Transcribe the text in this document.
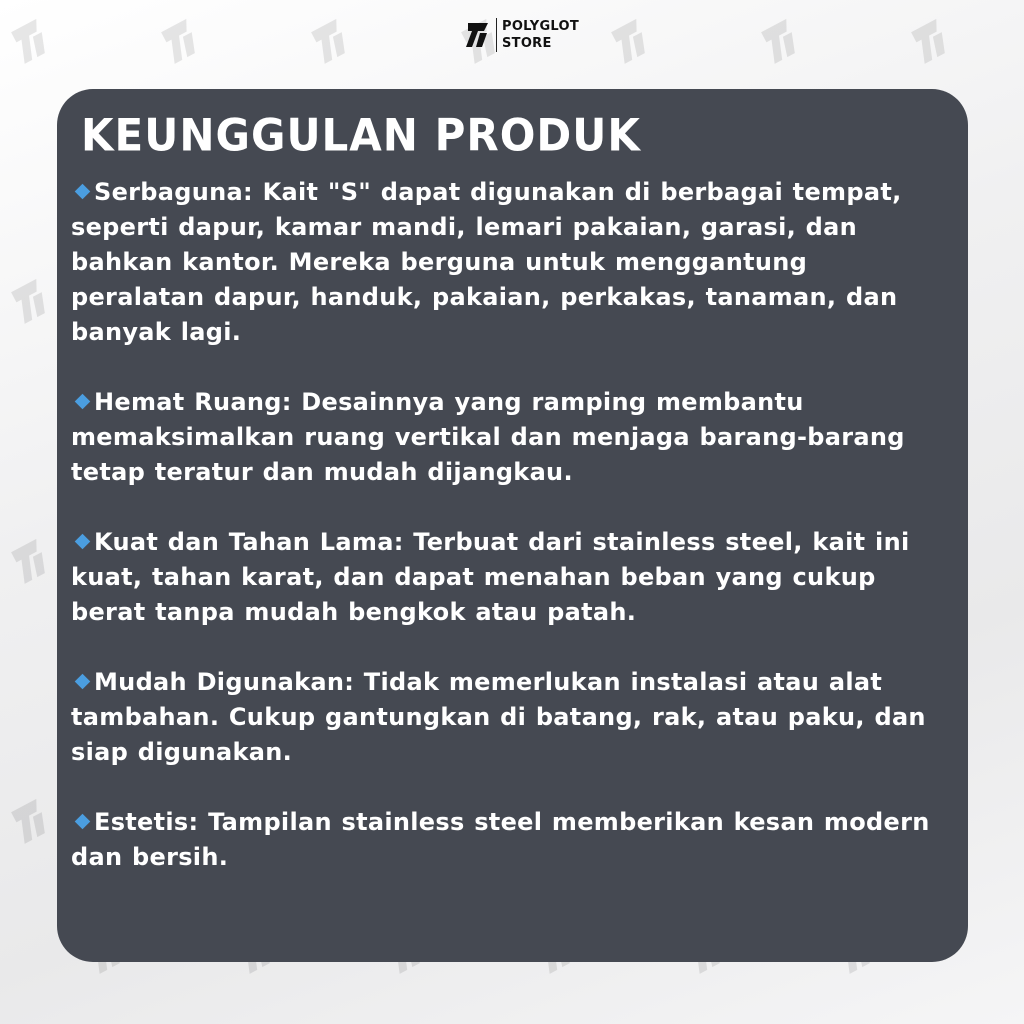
POLYGLOT
STORE
KEUNGGULAN PRODUK
Serbaguna: Kait "S" dapat digunakan di berbagai tempat, seperti dapur, kamar mandi, lemari pakaian, garasi, dan bahkan kantor. Mereka berguna untuk menggantung peralatan dapur, handuk, pakaian, perkakas, tanaman, dan banyak lagi.
Hemat Ruang: Desainnya yang ramping membantu memaksimalkan ruang vertikal dan menjaga barang-barang tetap teratur dan mudah dijangkau.
Kuat dan Tahan Lama: Terbuat dari stainless steel, kait ini kuat, tahan karat, dan dapat menahan beban yang cukup berat tanpa mudah bengkok atau patah.
Mudah Digunakan: Tidak memerlukan instalasi atau alat tambahan. Cukup gantungkan di batang, rak, atau paku, dan siap digunakan.
Estetis: Tampilan stainless steel memberikan kesan modern dan bersih.
